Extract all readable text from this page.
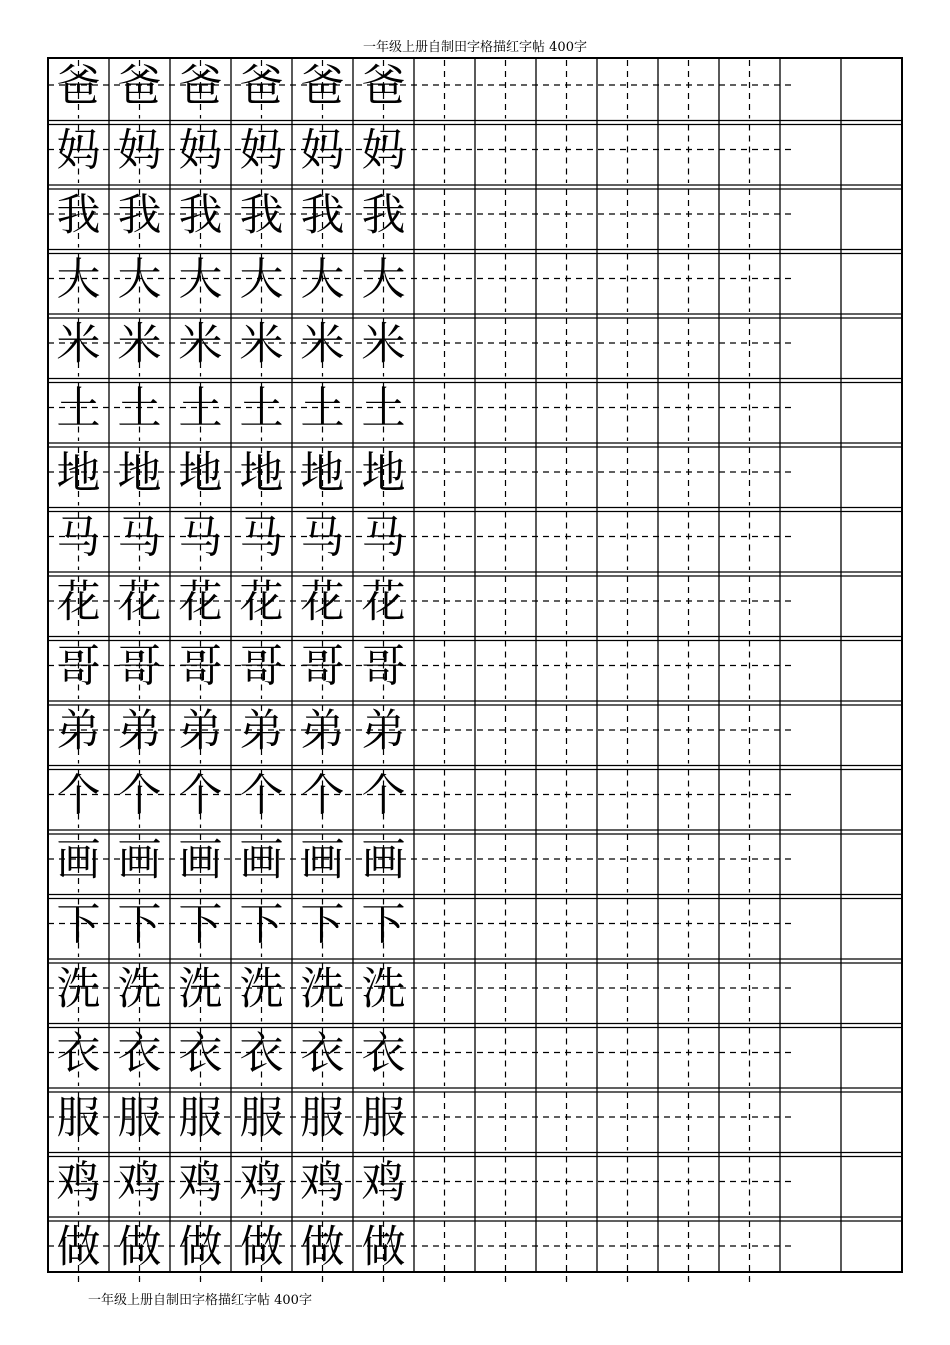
一年级上册自制田字格描红字帖 400字
爸 爸 爸 爸 爸 爸
妈 妈 妈 妈 妈 妈
我 我 我 我 我 我
大 大 大 大 大 大
米 米 米 米 米 米
土 土 土 土 土 土
地 地 地 地 地 地
马 马 马 马 马 马
花 花 花 花 花 花
哥 哥 哥 哥 哥 哥
弟 弟 弟 弟 弟 弟
个 个 个 个 个 个
画 画 画 画 画 画
下 下 下 下 下 下
洗 洗 洗 洗 洗 洗
衣 衣 衣 衣 衣 衣
服 服 服 服 服 服
鸡 鸡 鸡 鸡 鸡 鸡
做 做 做 做 做 做
一年级上册自制田字格描红字帖 400字
